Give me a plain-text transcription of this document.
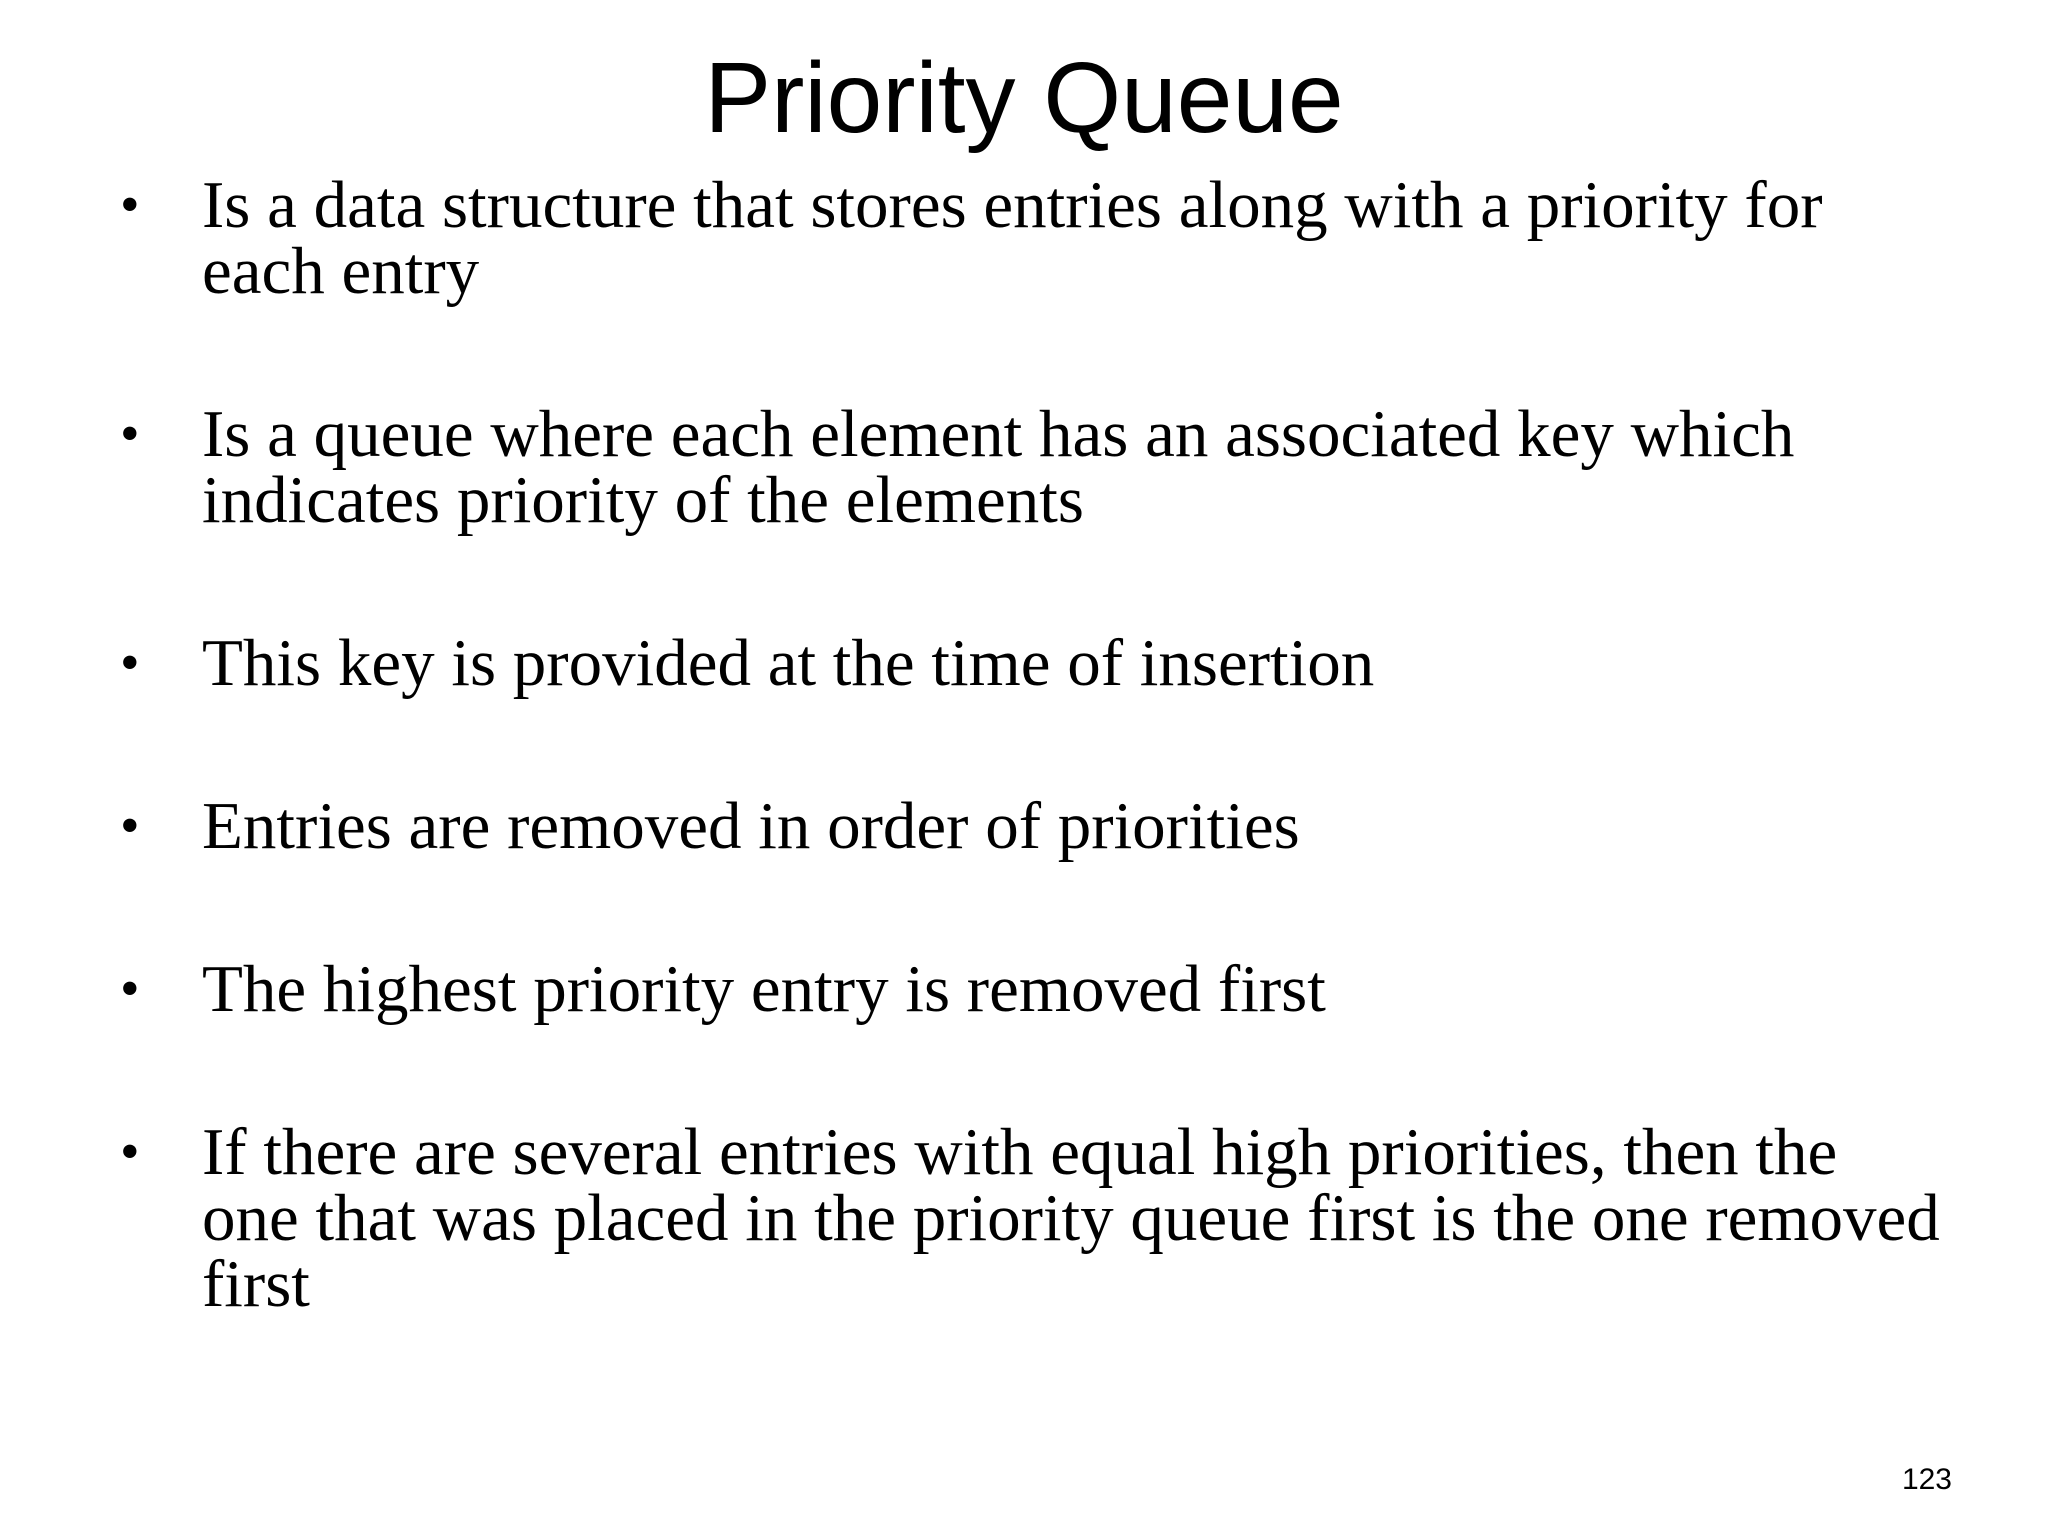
Priority Queue
• Is a data structure that stores entries along with a priority for each entry
• Is a queue where each element has an associated key which indicates priority of the elements
• This key is provided at the time of insertion
• Entries are removed in order of priorities
• The highest priority entry is removed first
• If there are several entries with equal high priorities, then the one that was placed in the priority queue first is the one removed first
123
